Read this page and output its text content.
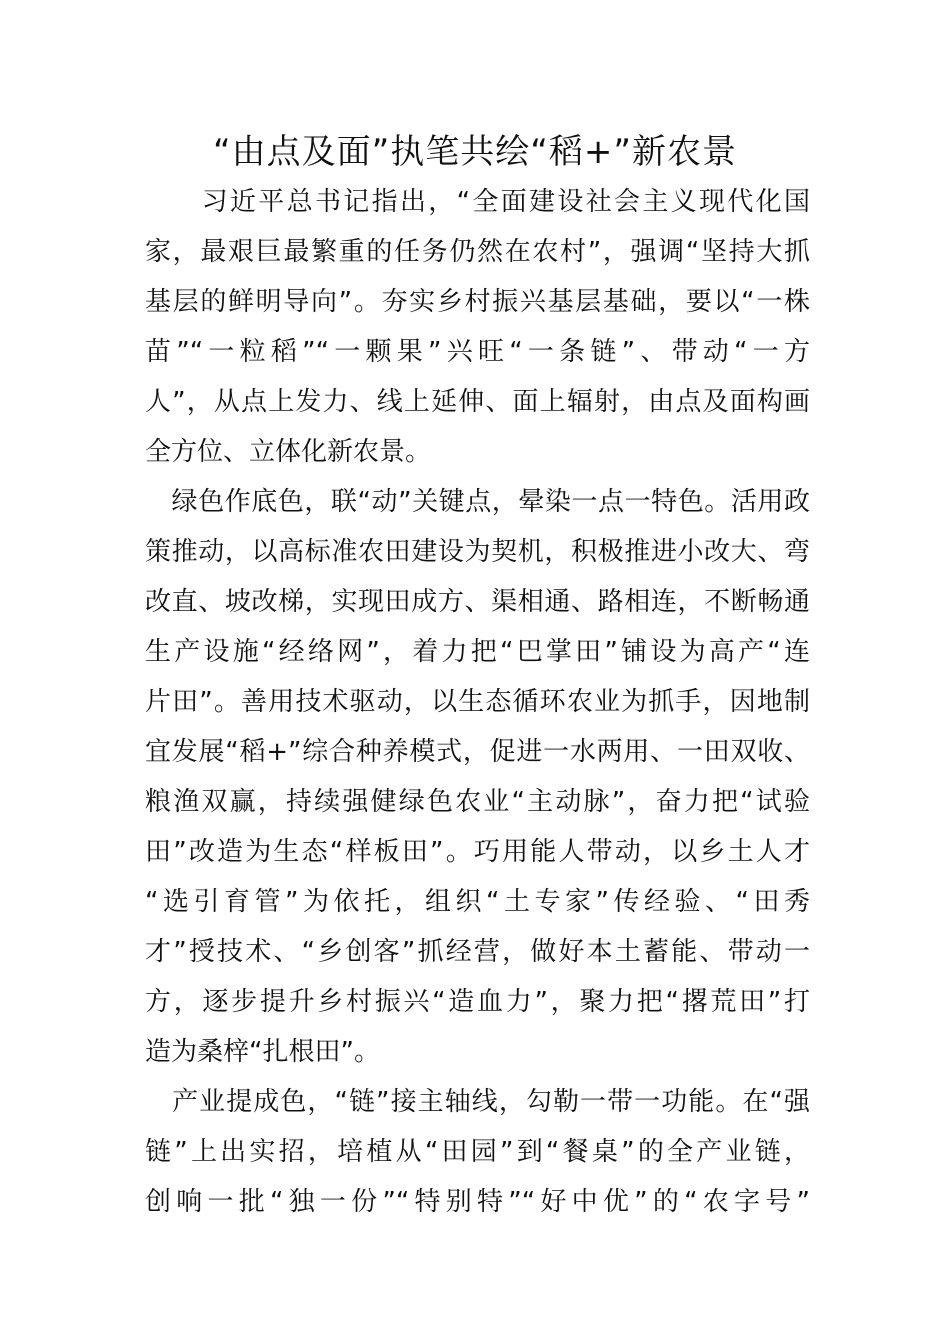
“由点及面”执笔共绘“稻+”新农景
　　习近平总书记指出，“全面建设社会主义现代化国
家，最艰巨最繁重的任务仍然在农村”，强调“坚持大抓
基层的鲜明导向”。夯实乡村振兴基层基础，要以“一株
苗”“一粒稻”“一颗果”兴旺“一条链”、带动“一方
人”，从点上发力、线上延伸、面上辐射，由点及面构画
全方位、立体化新农景。
　绿色作底色，联“动”关键点，晕染一点一特色。活用政
策推动，以高标准农田建设为契机，积极推进小改大、弯
改直、坡改梯，实现田成方、渠相通、路相连，不断畅通
生产设施“经络网”，着力把“巴掌田”铺设为高产“连
片田”。善用技术驱动，以生态循环农业为抓手，因地制
宜发展“稻+”综合种养模式，促进一水两用、一田双收、
粮渔双赢，持续强健绿色农业“主动脉”，奋力把“试验
田”改造为生态“样板田”。巧用能人带动，以乡土人才
“选引育管”为依托，组织“土专家”传经验、“田秀
才”授技术、“乡创客”抓经营，做好本土蓄能、带动一
方，逐步提升乡村振兴“造血力”，聚力把“撂荒田”打
造为桑梓“扎根田”。
　产业提成色，“链”接主轴线，勾勒一带一功能。在“强
链”上出实招，培植从“田园”到“餐桌”的全产业链，
创响一批“独一份”“特别特”“好中优”的“农字号”
